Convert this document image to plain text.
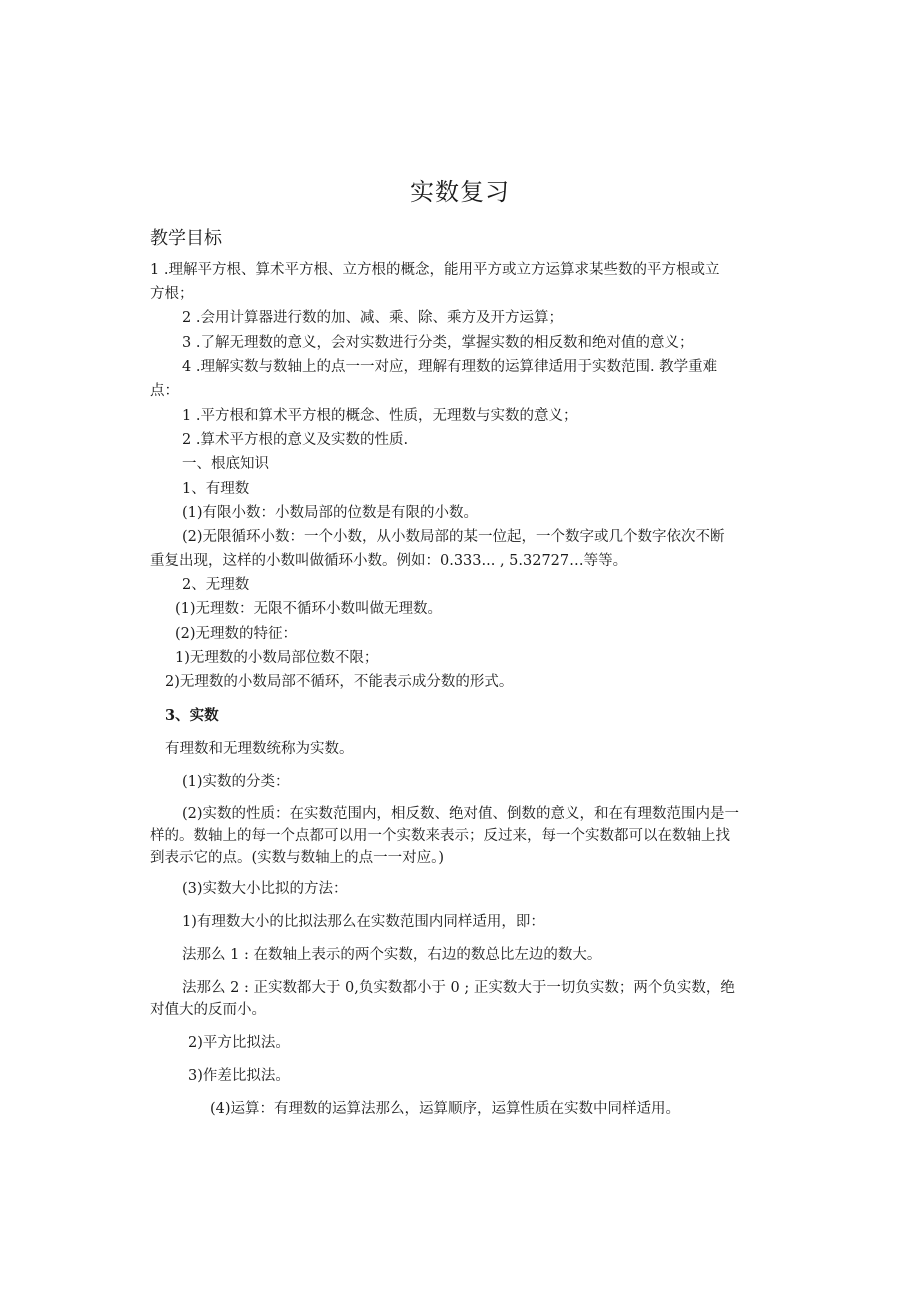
实数复习
教学目标
1 .理解平方根、算术平方根、立方根的概念，能用平方或立方运算求某些数的平方根或立
方根；
2 .会用计算器进行数的加、减、乘、除、乘方及开方运算；
3 .了解无理数的意义，会对实数进行分类，掌握实数的相反数和绝对值的意义；
4 .理解实数与数轴上的点一一对应，理解有理数的运算律适用于实数范围. 教学重难
点：
1 .平方根和算术平方根的概念、性质，无理数与实数的意义；
2 .算术平方根的意义及实数的性质.
一、根底知识
1、有理数
(1)有限小数：小数局部的位数是有限的小数。
(2)无限循环小数：一个小数，从小数局部的某一位起，一个数字或几个数字依次不断
重复出现，这样的小数叫做循环小数。例如：0.333... , 5.32727…等等。
2、无理数
(1)无理数：无限不循环小数叫做无理数。
(2)无理数的特征：
1)无理数的小数局部位数不限；
2)无理数的小数局部不循环，不能表示成分数的形式。
3、实数
有理数和无理数统称为实数。
(1)实数的分类：
(2)实数的性质：在实数范围内，相反数、绝对值、倒数的意义，和在有理数范围内是一
样的。数轴上的每一个点都可以用一个实数来表示；反过来，每一个实数都可以在数轴上找
到表示它的点。(实数与数轴上的点一一对应。)
(3)实数大小比拟的方法：
1)有理数大小的比拟法那么在实数范围内同样适用，即：
法那么 1 : 在数轴上表示的两个实数，右边的数总比左边的数大。
法那么 2 : 正实数都大于 0,负实数都小于 0 ; 正实数大于一切负实数；两个负实数，绝
对值大的反而小。
2)平方比拟法。
3)作差比拟法。
(4)运算：有理数的运算法那么，运算顺序，运算性质在实数中同样适用。
